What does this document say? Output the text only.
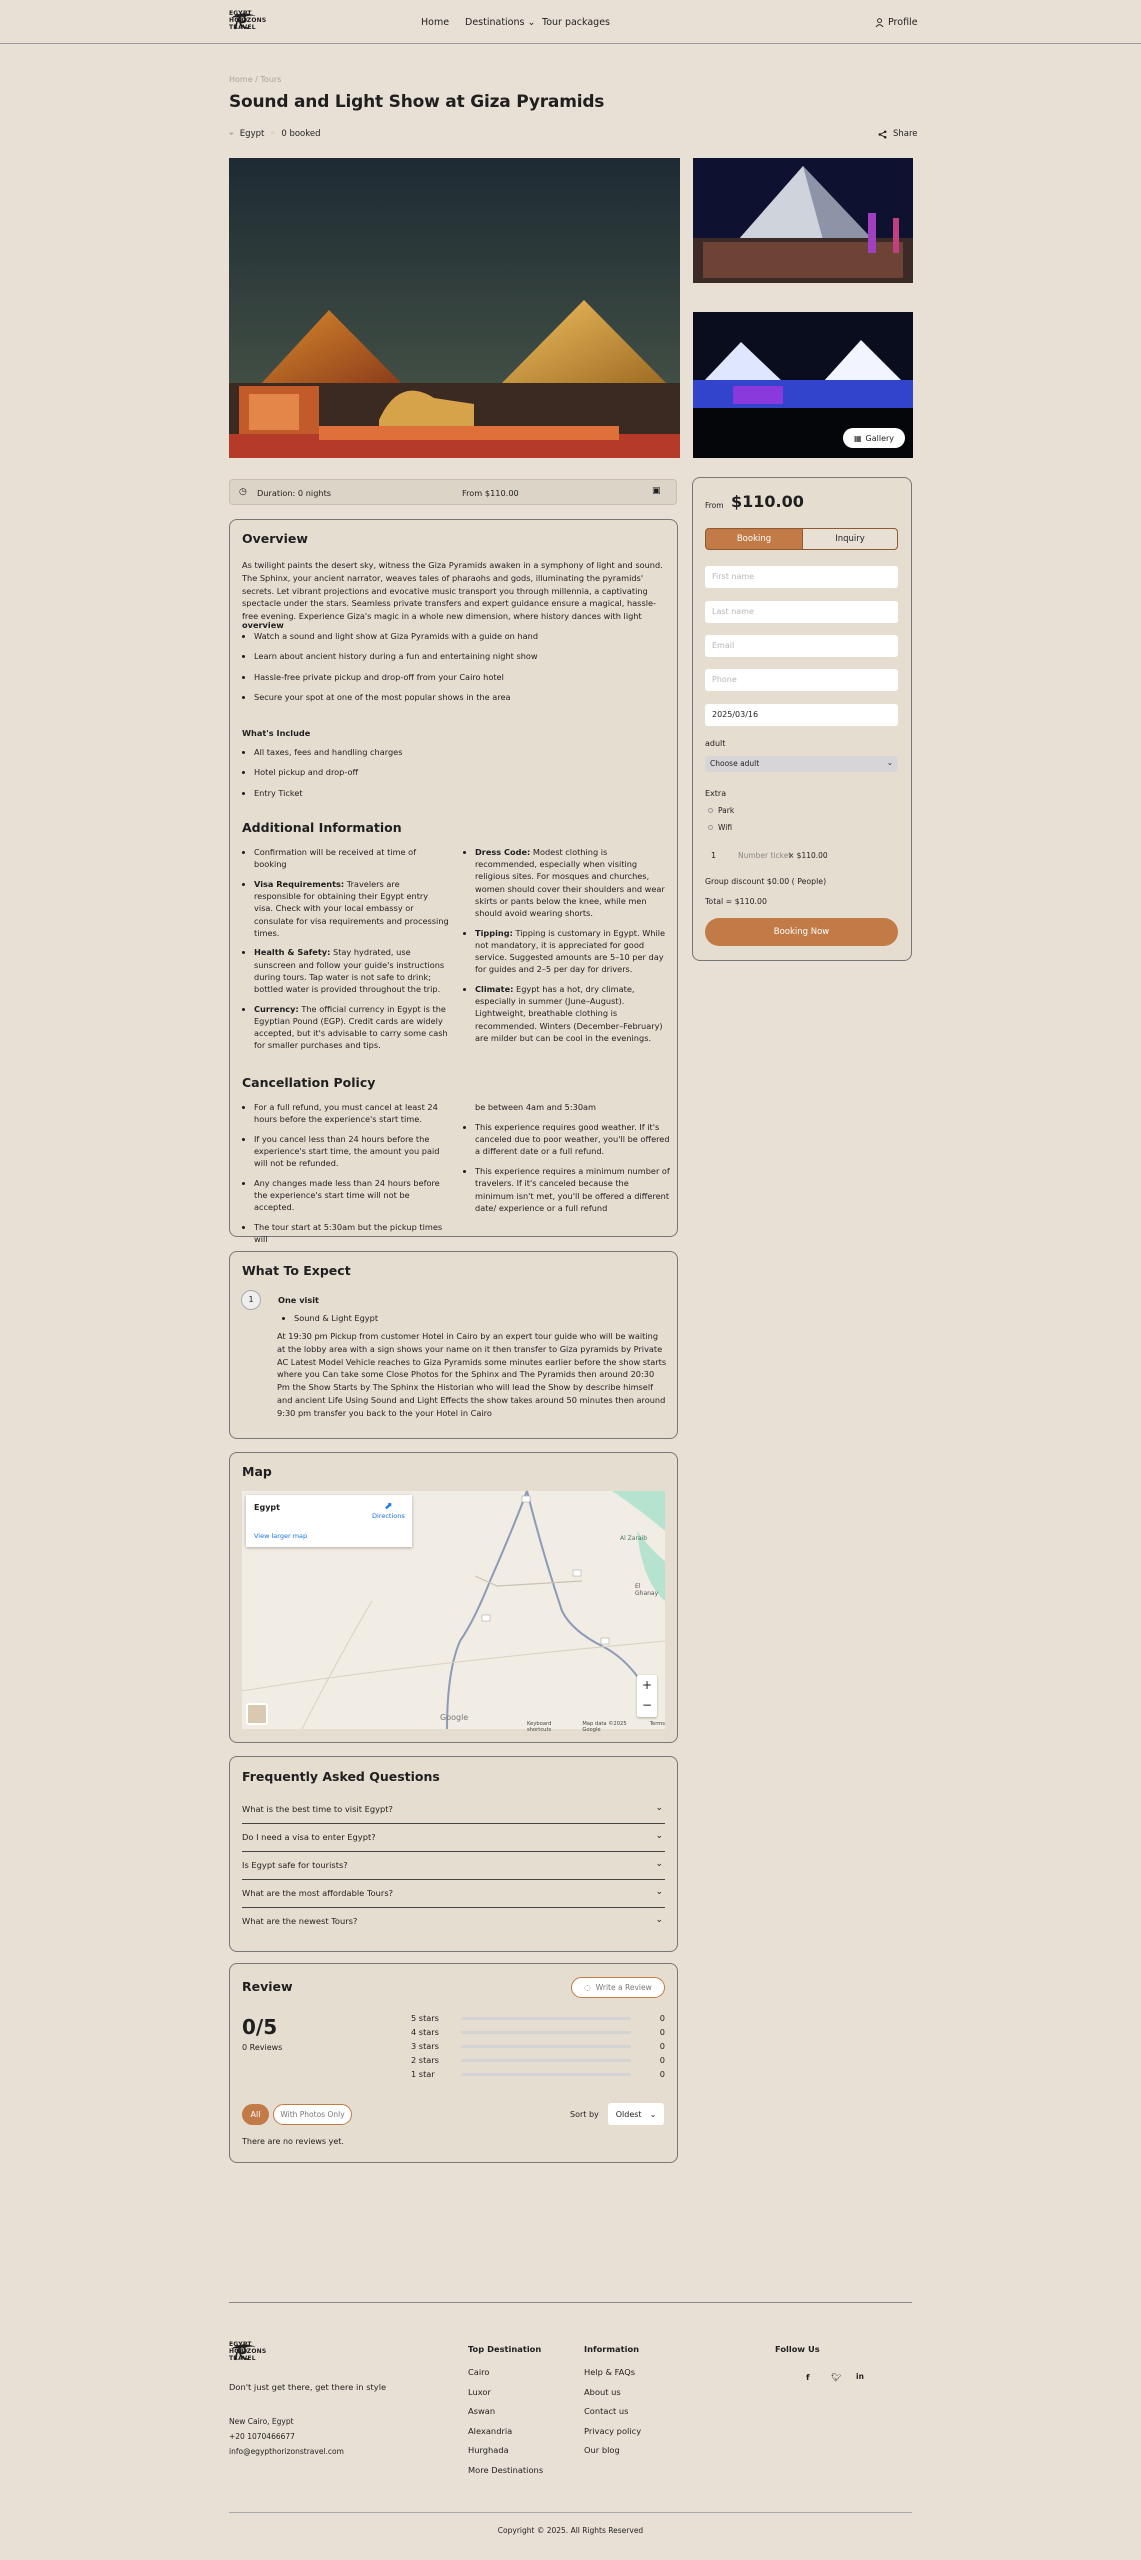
EGYPT
HORIZONS
TRAVEL	Home Destinations ⌄ Tour packages	Profile
Home / Tours
Sound and Light Show at Giza Pyramids
⌖ Egypt ◦ 0 booked	Share
▦ Gallery
◷ Duration: 0 nights	From $110.00	▣
Overview
As twilight paints the desert sky, witness the Giza Pyramids awaken in a symphony of light and sound. The Sphinx, your ancient narrator, weaves tales of pharaohs and gods, illuminating the pyramids' secrets. Let vibrant projections and evocative music transport you through millennia, a captivating spectacle under the stars. Seamless private transfers and expert guidance ensure a magical, hassle-free evening. Experience Giza's magic in a whole new dimension, where history dances with light
overview
• Watch a sound and light show at Giza Pyramids with a guide on hand
• Learn about ancient history during a fun and entertaining night show
• Hassle-free private pickup and drop-off from your Cairo hotel
• Secure your spot at one of the most popular shows in the area
What's Include
• All taxes, fees and handling charges
• Hotel pickup and drop-off
• Entry Ticket
Additional Information
• Confirmation will be received at time of booking
• Visa Requirements: Travelers are responsible for obtaining their Egypt entry visa. Check with your local embassy or consulate for visa requirements and processing times.
• Health & Safety: Stay hydrated, use sunscreen and follow your guide's instructions during tours. Tap water is not safe to drink; bottled water is provided throughout the trip.
• Currency: The official currency in Egypt is the Egyptian Pound (EGP). Credit cards are widely accepted, but it's advisable to carry some cash for smaller purchases and tips.
• Dress Code: Modest clothing is recommended, especially when visiting religious sites. For mosques and churches, women should cover their shoulders and wear skirts or pants below the knee, while men should avoid wearing shorts.
• Tipping: Tipping is customary in Egypt. While not mandatory, it is appreciated for good service. Suggested amounts are 5–10 per day for guides and 2–5 per day for drivers.
• Climate: Egypt has a hot, dry climate, especially in summer (June–August). Lightweight, breathable clothing is recommended. Winters (December–February) are milder but can be cool in the evenings.
Cancellation Policy
• For a full refund, you must cancel at least 24 hours before the experience's start time.
• If you cancel less than 24 hours before the experience's start time, the amount you paid will not be refunded.
• Any changes made less than 24 hours before the experience's start time will not be accepted.
• The tour start at 5:30am but the pickup times will
be between 4am and 5:30am
• This experience requires good weather. If it's canceled due to poor weather, you'll be offered a different date or a full refund.
• This experience requires a minimum number of travelers. If it's canceled because the minimum isn't met, you'll be offered a different date/ experience or a full refund
What To Expect
1	One visit
• Sound & Light Egypt
At 19:30 pm Pickup from customer Hotel in Cairo by an expert tour guide who will be waiting at the lobby area with a sign shows your name on it then transfer to Giza pyramids by Private AC Latest Model Vehicle reaches to Giza Pyramids some minutes earlier before the show starts where you Can take some Close Photos for the Sphinx and The Pyramids then around 20:30 Pm the Show Starts by The Sphinx the Historian who will lead the Show by describe himself and ancient Life Using Sound and Light Effects the show takes around 50 minutes then around 9:30 pm transfer you back to the your Hotel in Cairo
Map
Egypt
View larger map
⬈
Directions
Al Zaraib
El Ghanay
+
−
Google
Keyboard shortcuts
Map data ©2025 Google
Terms
Frequently Asked Questions
What is the best time to visit Egypt?	⌄
Do I need a visa to enter Egypt?	⌄
Is Egypt safe for tourists?	⌄
What are the most affordable Tours?	⌄
What are the newest Tours?	⌄
Review	◌ Write a Review
0/5
0 Reviews
5 stars	0
4 stars	0
3 stars	0
2 stars	0
1 star	0
All	With Photos Only	Sort by Oldest ⌄
There are no reviews yet.
From $110.00
Booking	Inquiry
First name
Last name
Email
Phone
2025/03/16
adult
Choose adult	⌄
Extra
Park
Wifi
1	Number ticket
× $110.00
Group discount $0.00 ( People)
Total = $110.00
Booking Now
EGYPT
HORIZONS
TRAVEL
Don't just get there, get there in style
New Cairo, Egypt
+20 1070466677
info@egypthorizonstravel.com
Top Destination
Cairo
Luxor
Aswan
Alexandria
Hurghada
More Destinations
Information
Help & FAQs
About us
Contact us
Privacy policy
Our blog
Follow Us
f	🐦︎ in
Copyright © 2025. All Rights Reserved
